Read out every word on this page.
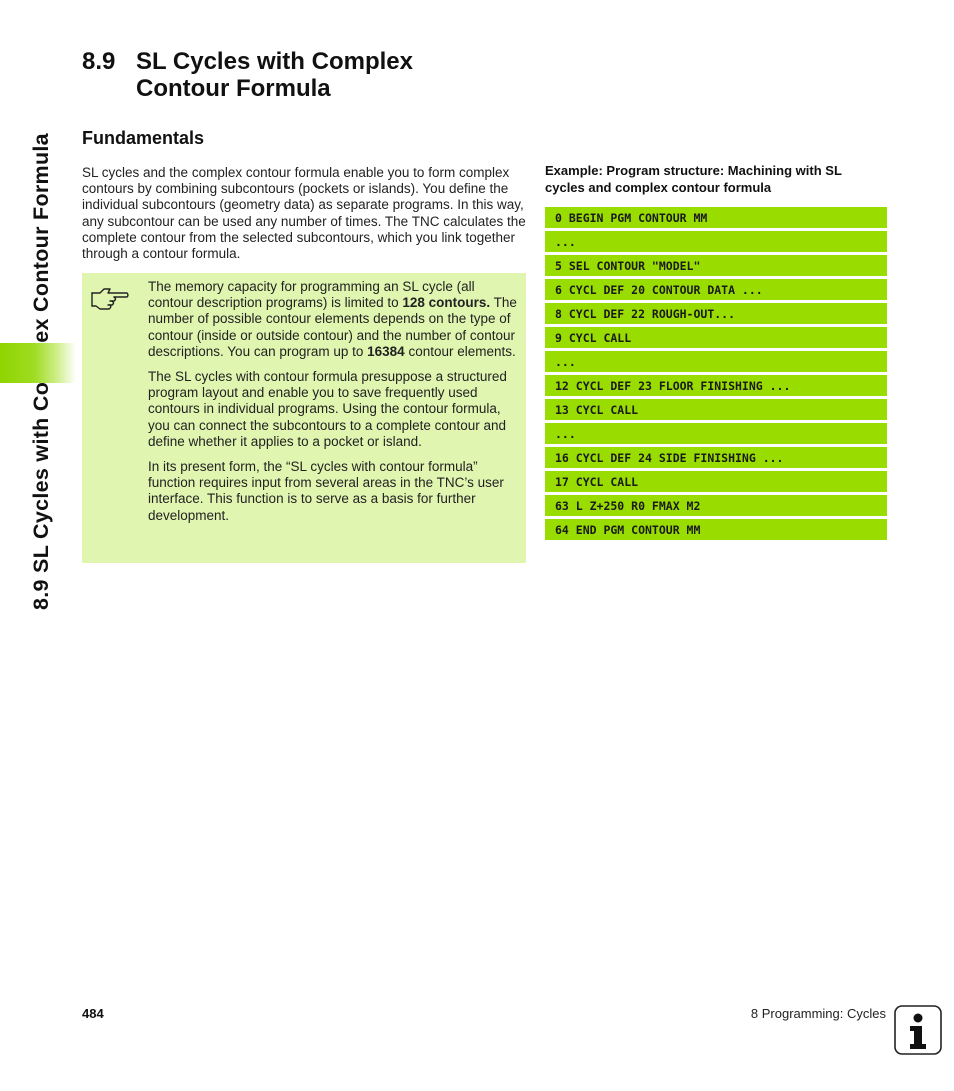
8.9 SL Cycles with Complex
Contour Formula
Fundamentals

SL cycles and the complex contour formula enable you to form complex contours by combining subcontours (pockets or islands). You define the individual subcontours (geometry data) as separate programs. In this way, any subcontour can be used any number of times. The TNC calculates the complete contour from the selected subcontours, which you link together through a contour formula.

The memory capacity for programming an SL cycle (all contour description programs) is limited to 128 contours. The number of possible contour elements depends on the type of contour (inside or outside contour) and the number of contour descriptions. You can program up to 16384 contour elements.

The SL cycles with contour formula presuppose a structured program layout and enable you to save frequently used contours in individual programs. Using the contour formula, you can connect the subcontours to a complete contour and define whether it applies to a pocket or island.

In its present form, the “SL cycles with contour formula” function requires input from several areas in the TNC’s user interface. This function is to serve as a basis for further development.

Example: Program structure: Machining with SL cycles and complex contour formula
0 BEGIN PGM CONTOUR MM
...
5 SEL CONTOUR "MODEL"
6 CYCL DEF 20 CONTOUR DATA ...
8 CYCL DEF 22 ROUGH-OUT...
9 CYCL CALL
...
12 CYCL DEF 23 FLOOR FINISHING ...
13 CYCL CALL
...
16 CYCL DEF 24 SIDE FINISHING ...
17 CYCL CALL
63 L Z+250 R0 FMAX M2
64 END PGM CONTOUR MM
484	8 Programming: Cycles
